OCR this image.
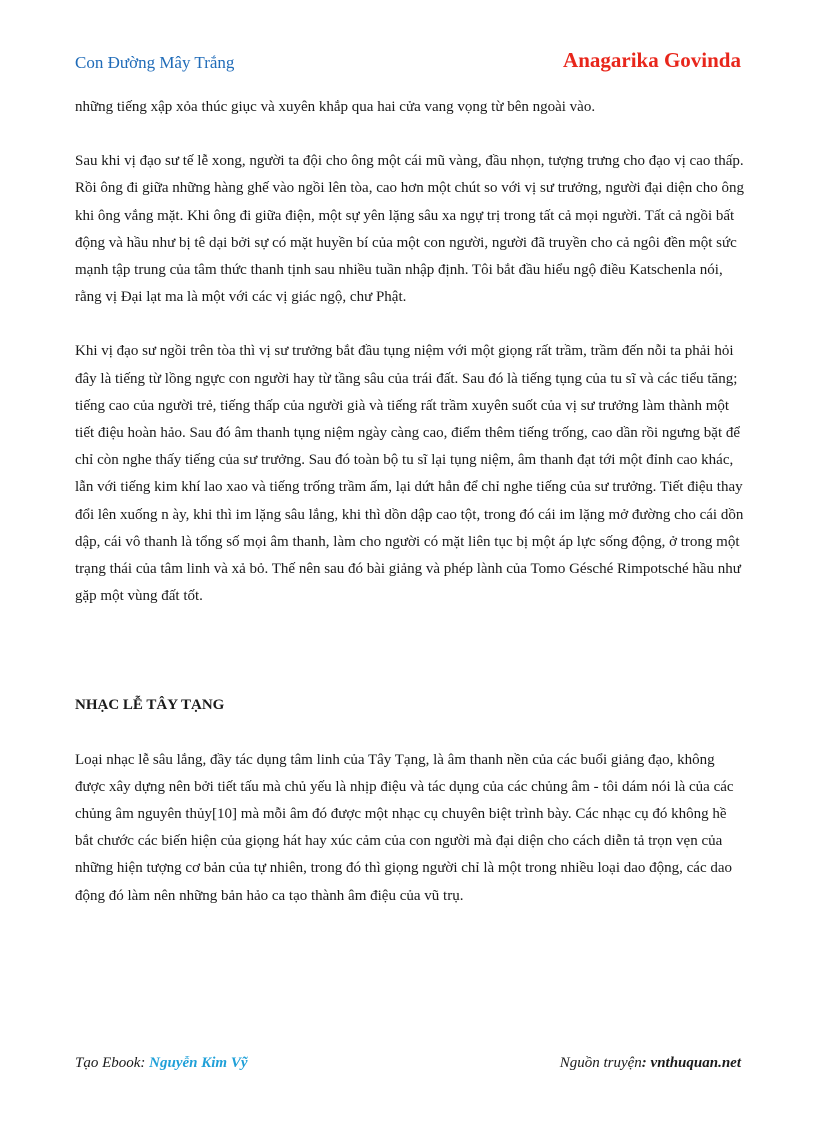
Con Đường Mây Trắng	Anagarika Govinda

những tiếng xập xỏa thúc giục và xuyên khắp qua hai cửa vang vọng từ bên ngoài vào.

Sau khi vị đạo sư tế lễ xong, người ta đội cho ông một cái mũ vàng, đầu nhọn, tượng trưng cho đạo vị cao thấp. Rồi ông đi giữa những hàng ghế vào ngồi lên tòa, cao hơn một chút so với vị sư trưởng, người đại diện cho ông khi ông vắng mặt. Khi ông đi giữa điện, một sự yên lặng sâu xa ngự trị trong tất cả mọi người. Tất cả ngồi bất động và hầu như bị tê dại bởi sự có mặt huyền bí của một con người, người đã truyền cho cả ngôi đền một sức mạnh tập trung của tâm thức thanh tịnh sau nhiều tuần nhập định. Tôi bắt đầu hiểu ngộ điều Katschenla nói, rằng vị Đại lạt ma là một với các vị giác ngộ, chư Phật.

Khi vị đạo sư ngồi trên tòa thì vị sư trưởng bắt đầu tụng niệm với một giọng rất trầm, trầm đến nỗi ta phải hỏi đây là tiếng từ lồng ngực con người hay từ tầng sâu của trái đất. Sau đó là tiếng tụng của tu sĩ và các tiểu tăng; tiếng cao của người trẻ, tiếng thấp của người già và tiếng rất trầm xuyên suốt của vị sư trưởng làm thành một tiết điệu hoàn hảo. Sau đó âm thanh tụng niệm ngày càng cao, điểm thêm tiếng trống, cao dần rồi ngưng bặt để chỉ còn nghe thấy tiếng của sư trưởng. Sau đó toàn bộ tu sĩ lại tụng niệm, âm thanh đạt tới một đỉnh cao khác, lẫn với tiếng kim khí lao xao và tiếng trống trầm ấm, lại dứt hẳn để chỉ nghe tiếng của sư trưởng. Tiết điệu thay đổi lên xuống n ày, khi thì im lặng sâu lắng, khi thì dồn dập cao tột, trong đó cái im lặng mở đường cho cái dồn dập, cái vô thanh là tổng số mọi âm thanh, làm cho người có mặt liên tục bị một áp lực sống động, ở trong một trạng thái của tâm linh và xả bỏ. Thế nên sau đó bài giảng và phép lành của Tomo Gésché Rimpotsché hầu như gặp một vùng đất tốt.

NHẠC LỄ TÂY TẠNG

Loại nhạc lễ sâu lắng, đầy tác dụng tâm linh của Tây Tạng, là âm thanh nền của các buổi giảng đạo, không được xây dựng nên bởi tiết tấu mà chủ yếu là nhịp điệu và tác dụng của các chủng âm - tôi dám nói là của các chủng âm nguyên thủy[10] mà mỗi âm đó được một nhạc cụ chuyên biệt trình bày. Các nhạc cụ đó không hề bắt chước các biến hiện của giọng hát hay xúc cảm của con người mà đại diện cho cách diễn tả trọn vẹn của những hiện tượng cơ bản của tự nhiên, trong đó thì giọng người chỉ là một trong nhiều loại dao động, các dao động đó làm nên những bản hảo ca tạo thành âm điệu của vũ trụ.

Tạo Ebook: Nguyễn Kim Vỹ	Nguồn truyện: vnthuquan.net
